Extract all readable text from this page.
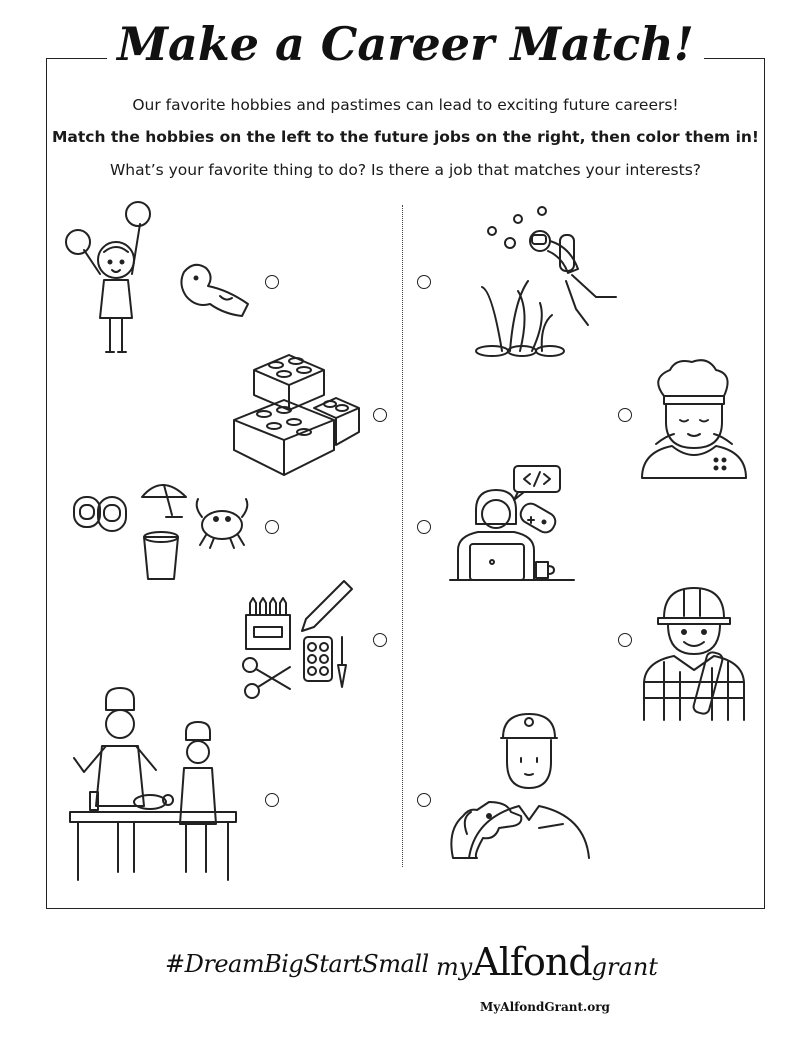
Make a Career Match!
Our favorite hobbies and pastimes can lead to exciting future careers!
Match the hobbies on the left to the future jobs on the right, then color them in!
What’s your favorite thing to do? Is there a job that matches your interests?
#DreamBigStartSmall myAlfondgrant
MyAlfondGrant.org
